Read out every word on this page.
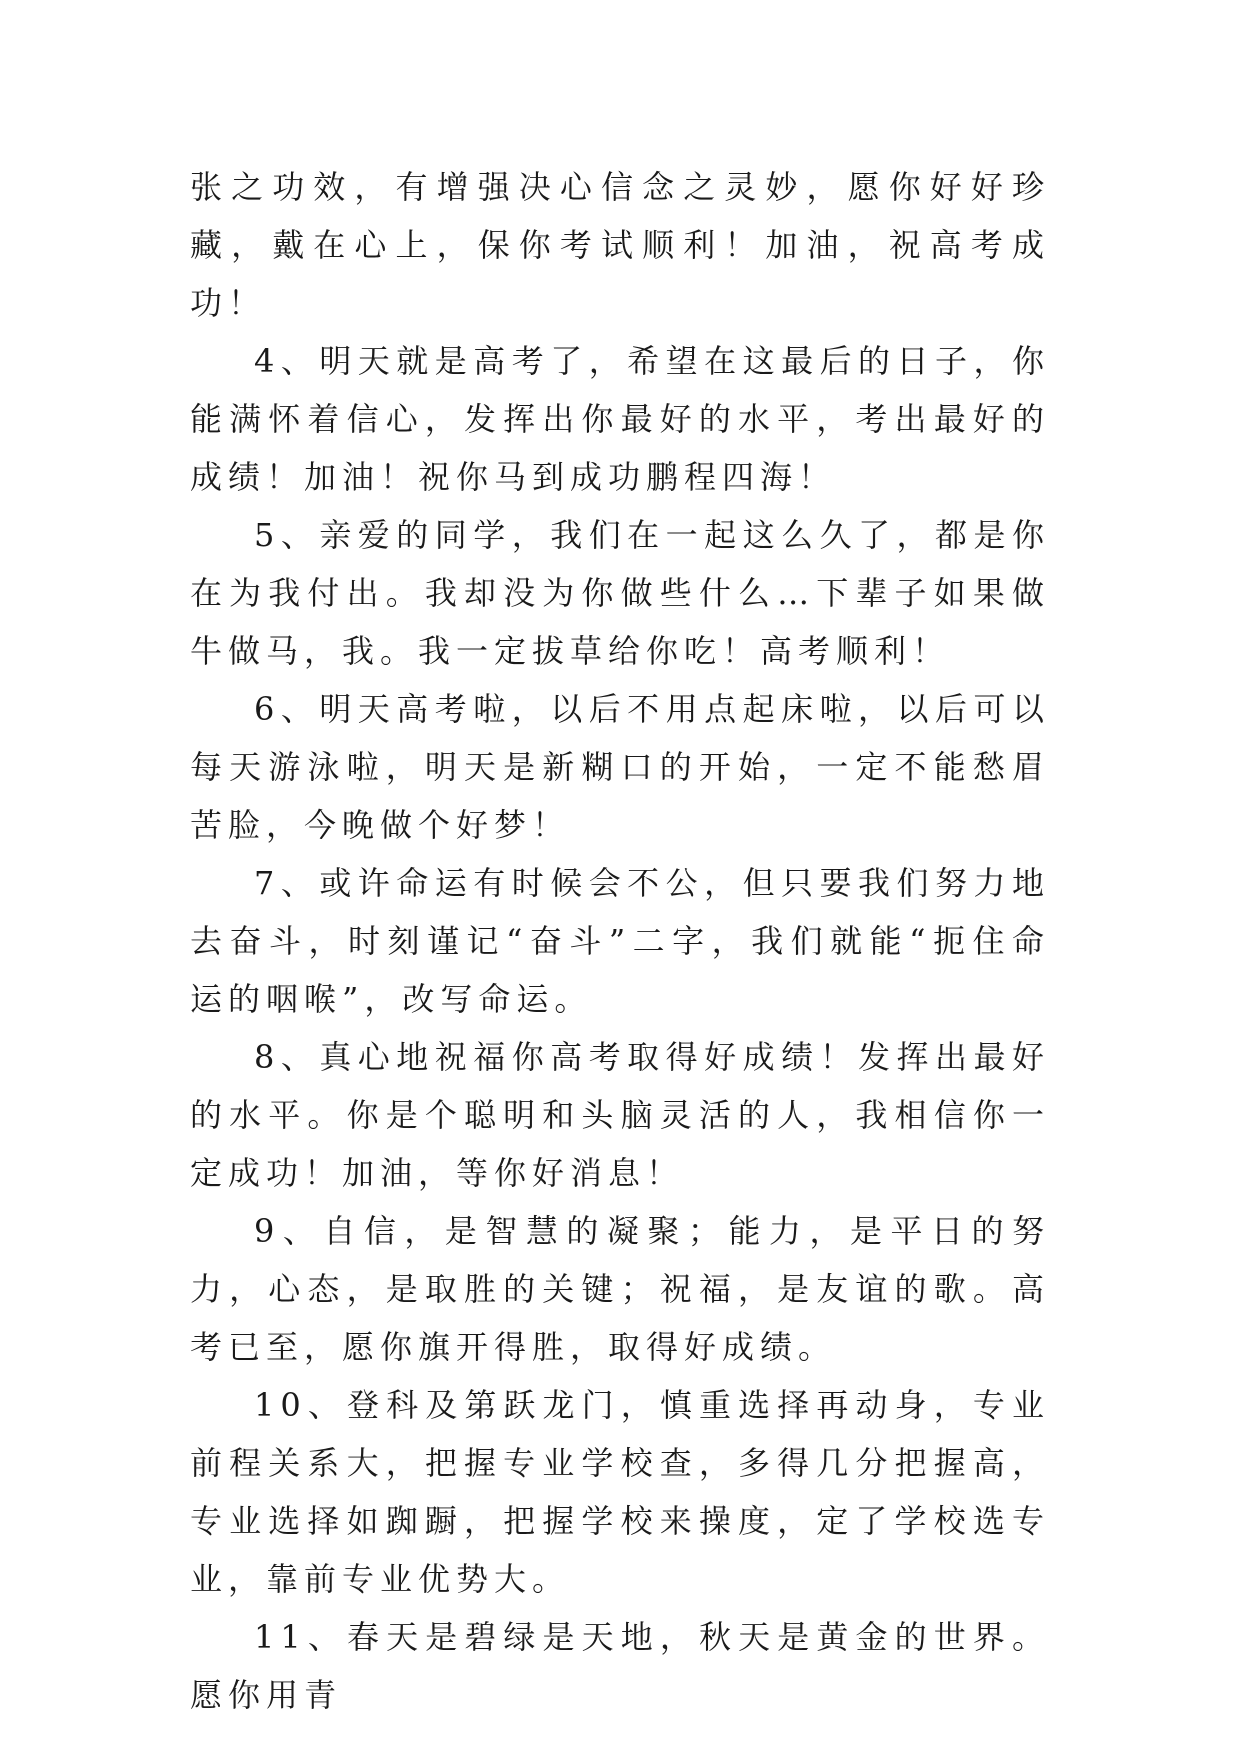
张之功效，有增强决心信念之灵妙，愿你好好珍藏，戴在心上，保你考试顺利！加油，祝高考成功！

4、明天就是高考了，希望在这最后的日子，你能满怀着信心，发挥出你最好的水平，考出最好的成绩！加油！祝你马到成功鹏程四海！

5、亲爱的同学，我们在一起这么久了，都是你在为我付出。我却没为你做些什么…下辈子如果做牛做马，我。我一定拔草给你吃！高考顺利！

6、明天高考啦，以后不用点起床啦，以后可以每天游泳啦，明天是新糊口的开始，一定不能愁眉苦脸，今晚做个好梦！

7、或许命运有时候会不公，但只要我们努力地去奋斗，时刻谨记“奋斗”二字，我们就能“扼住命运的咽喉”，改写命运。

8、真心地祝福你高考取得好成绩！发挥出最好的水平。你是个聪明和头脑灵活的人，我相信你一定成功！加油，等你好消息！

9、自信，是智慧的凝聚；能力，是平日的努力，心态，是取胜的关键；祝福，是友谊的歌。高考已至，愿你旗开得胜，取得好成绩。

10、登科及第跃龙门，慎重选择再动身，专业前程关系大，把握专业学校查，多得几分把握高，专业选择如踟蹰，把握学校来操度，定了学校选专业，靠前专业优势大。

11、春天是碧绿是天地，秋天是黄金的世界。愿你用青
